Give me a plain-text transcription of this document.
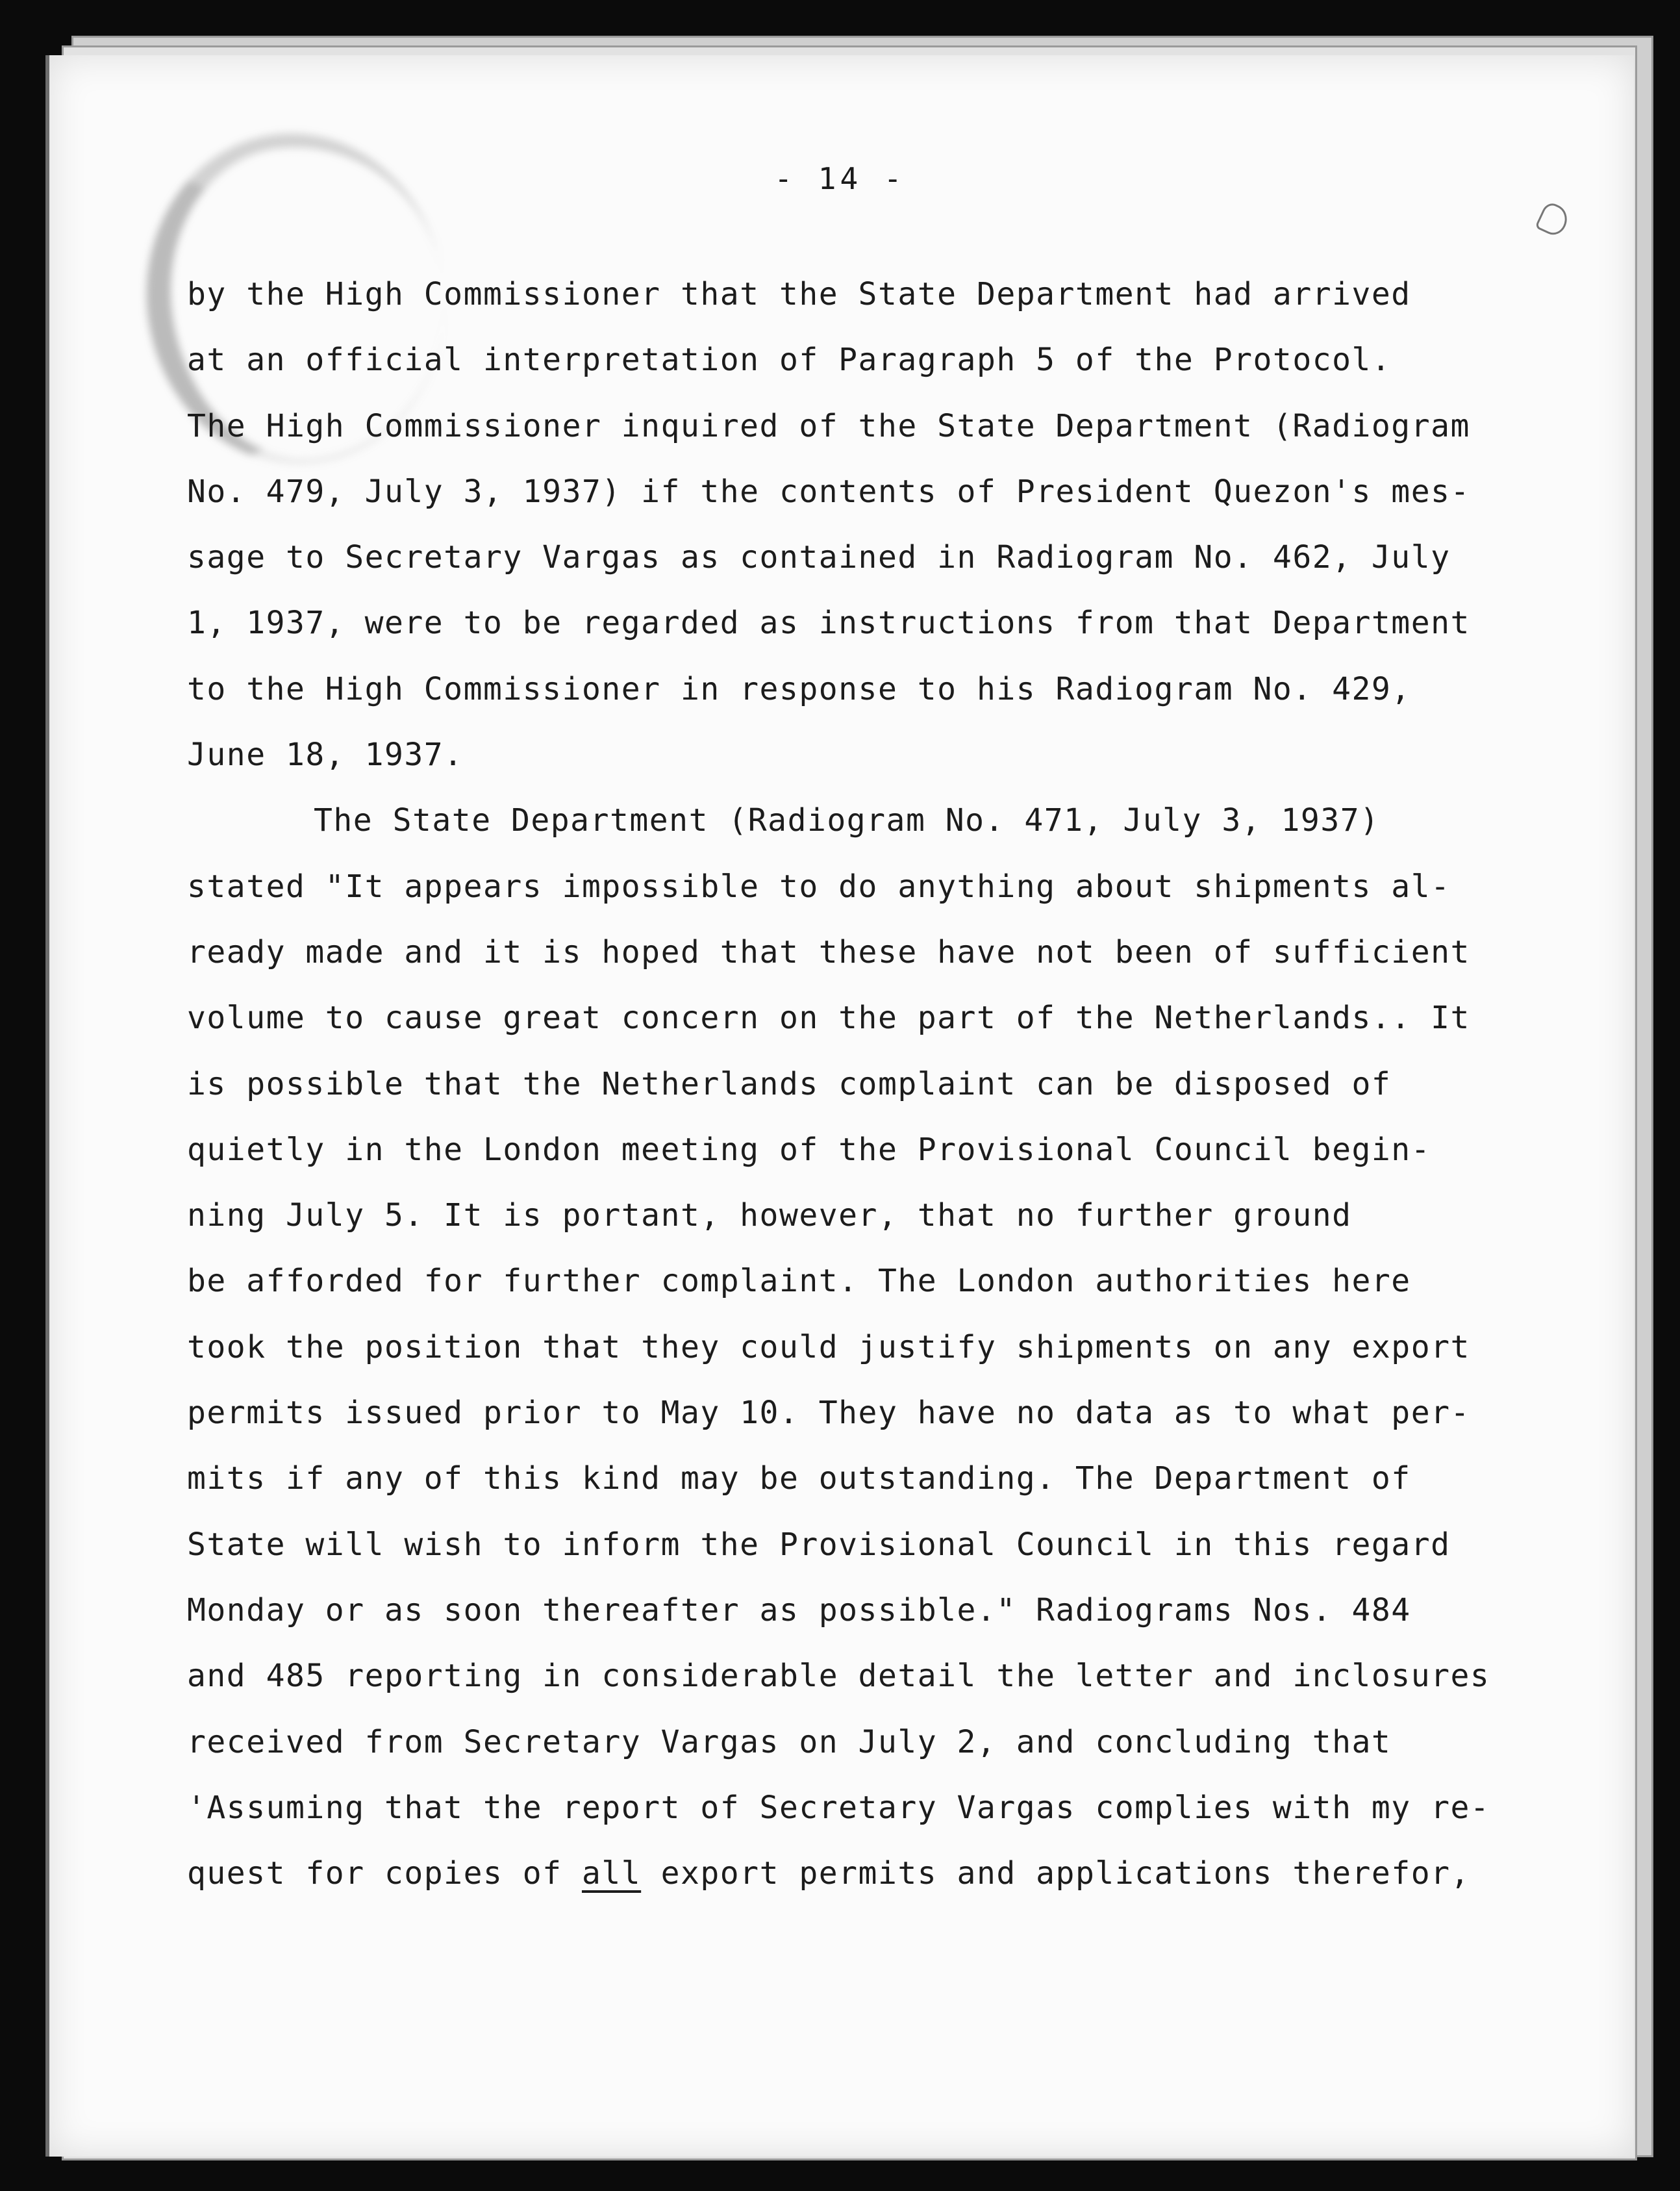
- 14 -
by the High Commissioner that the State Department had arrived
at an official interpretation of Paragraph 5 of the Protocol.
The High Commissioner inquired of the State Department (Radiogram
No. 479, July 3, 1937) if the contents of President Quezon's mes-
sage to Secretary Vargas as contained in Radiogram No. 462, July
1, 1937, were to be regarded as instructions from that Department
to the High Commissioner in response to his Radiogram No. 429,
June 18, 1937.
The State Department (Radiogram No. 471, July 3, 1937)
stated "It appears impossible to do anything about shipments al-
ready made and it is hoped that these have not been of sufficient
volume to cause great concern on the part of the Netherlands.. It
is possible that the Netherlands complaint can be disposed of
quietly in the London meeting of the Provisional Council begin-
ning July 5. It is portant, however, that no further ground
be afforded for further complaint. The London authorities here
took the position that they could justify shipments on any export
permits issued prior to May 10. They have no data as to what per-
mits if any of this kind may be outstanding. The Department of
State will wish to inform the Provisional Council in this regard
Monday or as soon thereafter as possible." Radiograms Nos. 484
and 485 reporting in considerable detail the letter and inclosures
received from Secretary Vargas on July 2, and concluding that
'Assuming that the report of Secretary Vargas complies with my re-
quest for copies of all export permits and applications therefor,
